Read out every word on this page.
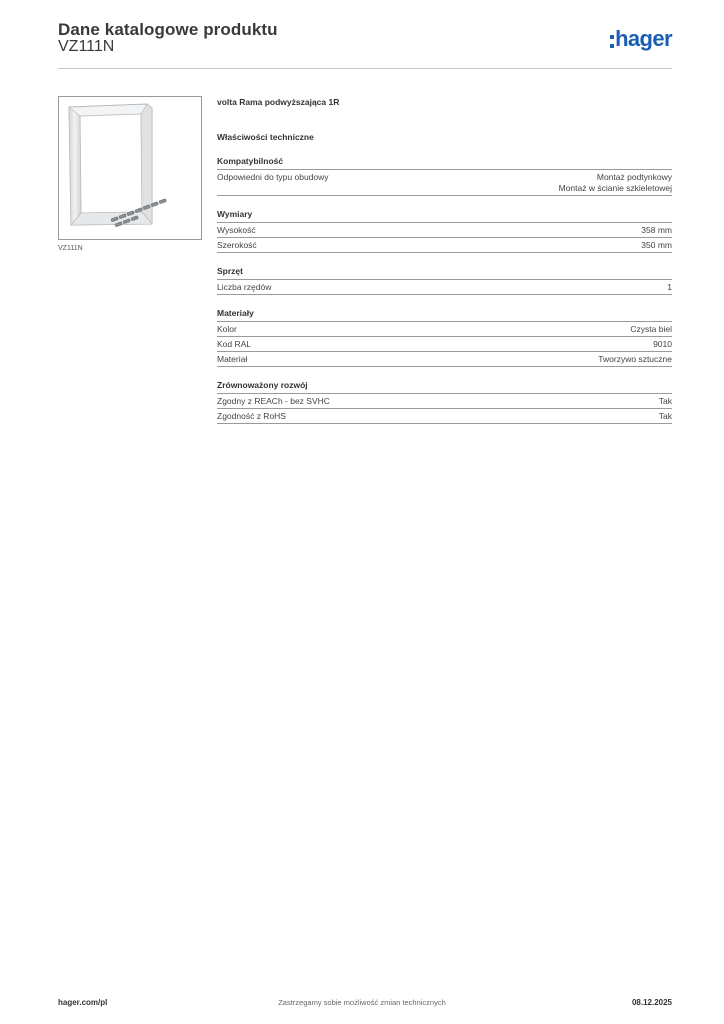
Dane katalogowe produktu
VZ111N	hager
VZ111N
volta Rama podwyższająca 1R
Właściwości techniczne
Kompatybilność
Odpowiedni do typu obudowy	Montaż podtynkowy
Montaż w ścianie szkieletowej
Wymiary
Wysokość	358 mm
Szerokość	350 mm
Sprzęt
Liczba rzędów	1
Materiały
Kolor	Czysta biel
Kod RAL	9010
Materiał	Tworzywo sztuczne
Zrównoważony rozwój
Zgodny z REACh - bez SVHC	Tak
Zgodność z RoHS	Tak
hager.com/pl	Zastrzegamy sobie możliwość zmian technicznych	08.12.2025
